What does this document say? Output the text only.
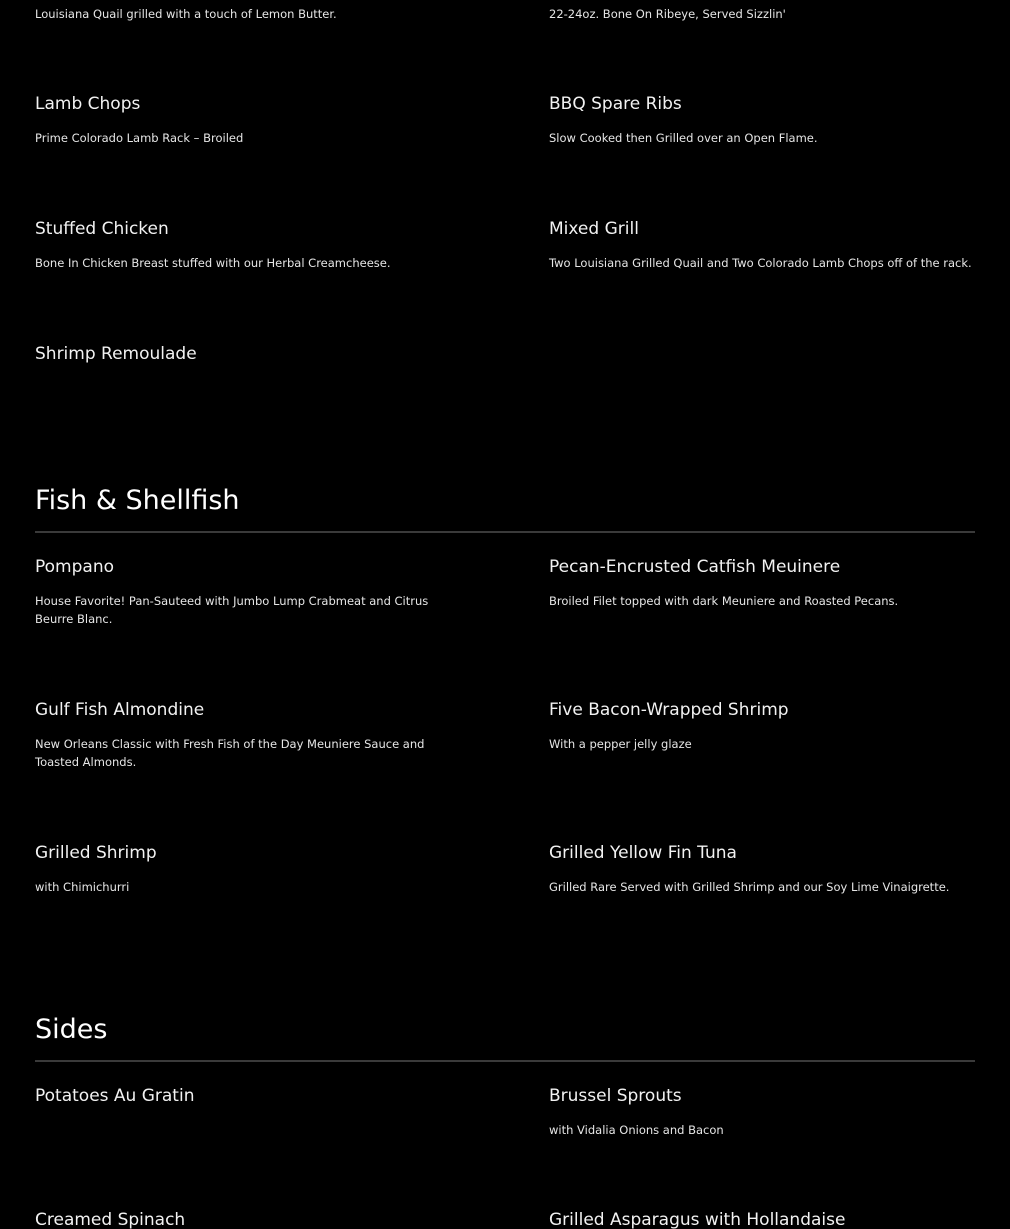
Louisiana Quail grilled with a touch of Lemon Butter.	22-24oz. Bone On Ribeye, Served Sizzlin'

Lamb Chops

Prime Colorado Lamb Rack – Broiled

BBQ Spare Ribs

Slow Cooked then Grilled over an Open Flame.

Stuffed Chicken

Bone In Chicken Breast stuffed with our Herbal Creamcheese.

Mixed Grill

Two Louisiana Grilled Quail and Two Colorado Lamb Chops off of the rack.

Shrimp Remoulade
Fish & Shellfish
Pompano

House Favorite! Pan-Sauteed with Jumbo Lump Crabmeat and Citrus Beurre Blanc.

Pecan-Encrusted Catfish Meuinere

Broiled Filet topped with dark Meuniere and Roasted Pecans.

Gulf Fish Almondine

New Orleans Classic with Fresh Fish of the Day Meuniere Sauce and Toasted Almonds.

Five Bacon-Wrapped Shrimp

With a pepper jelly glaze

Grilled Shrimp

with Chimichurri

Grilled Yellow Fin Tuna

Grilled Rare Served with Grilled Shrimp and our Soy Lime Vinaigrette.

Sides
Potatoes Au Gratin	Brussel Sprouts

with Vidalia Onions and Bacon

Creamed Spinach	Grilled Asparagus with Hollandaise
